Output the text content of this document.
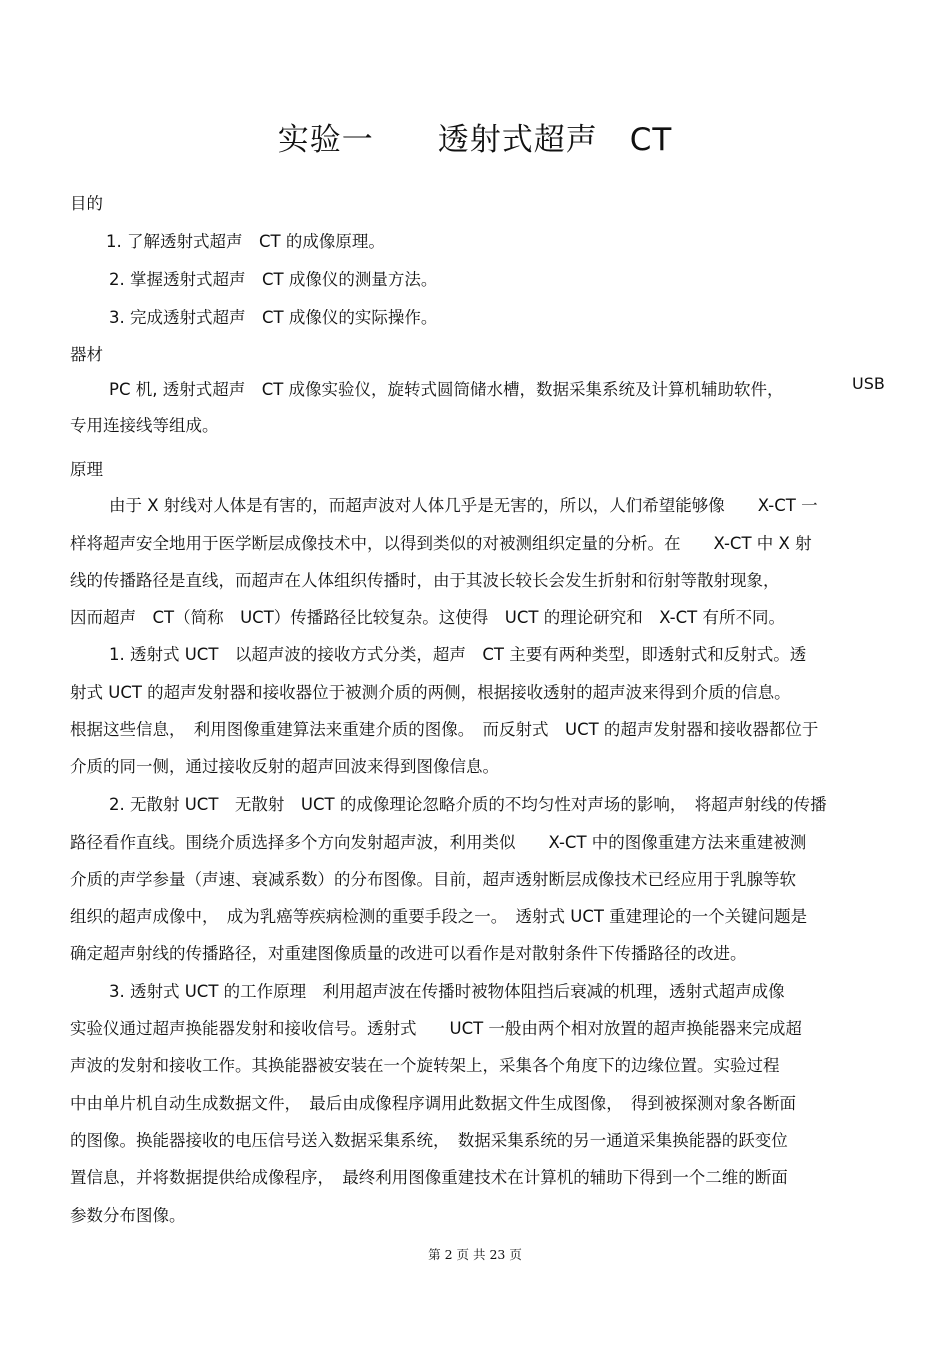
实验一　　透射式超声　CT
目的
1. 了解透射式超声　CT 的成像原理。
2. 掌握透射式超声　CT 成像仪的测量方法。
3. 完成透射式超声　CT 成像仪的实际操作。
器材
PC 机, 透射式超声　CT 成像实验仪，旋转式圆筒储水槽，数据采集系统及计算机辅助软件，	USB
专用连接线等组成。
原理
由于 X 射线对人体是有害的，而超声波对人体几乎是无害的，所以，人们希望能够像　　X-CT 一
样将超声安全地用于医学断层成像技术中，以得到类似的对被测组织定量的分析。在　　X-CT 中 X 射
线的传播路径是直线，而超声在人体组织传播时，由于其波长较长会发生折射和衍射等散射现象，
因而超声　CT（简称　UCT）传播路径比较复杂。这使得　UCT 的理论研究和　X-CT 有所不同。
1. 透射式 UCT　以超声波的接收方式分类，超声　CT 主要有两种类型，即透射式和反射式。透
射式 UCT 的超声发射器和接收器位于被测介质的两侧，根据接收透射的超声波来得到介质的信息。
根据这些信息，　利用图像重建算法来重建介质的图像。　而反射式　UCT 的超声发射器和接收器都位于
介质的同一侧，通过接收反射的超声回波来得到图像信息。
2. 无散射 UCT　无散射　UCT 的成像理论忽略介质的不均匀性对声场的影响，　将超声射线的传播
路径看作直线。围绕介质选择多个方向发射超声波，利用类似　　X-CT 中的图像重建方法来重建被测
介质的声学参量（声速、衰减系数）的分布图像。目前，超声透射断层成像技术已经应用于乳腺等软
组织的超声成像中，　成为乳癌等疾病检测的重要手段之一。　透射式 UCT 重建理论的一个关键问题是
确定超声射线的传播路径，对重建图像质量的改进可以看作是对散射条件下传播路径的改进。
3. 透射式 UCT 的工作原理　利用超声波在传播时被物体阻挡后衰减的机理，透射式超声成像
实验仪通过超声换能器发射和接收信号。透射式　　UCT 一般由两个相对放置的超声换能器来完成超
声波的发射和接收工作。其换能器被安装在一个旋转架上，采集各个角度下的边缘位置。实验过程
中由单片机自动生成数据文件，　最后由成像程序调用此数据文件生成图像，　得到被探测对象各断面
的图像。换能器接收的电压信号送入数据采集系统，　数据采集系统的另一通道采集换能器的跃变位
置信息，并将数据提供给成像程序，　最终利用图像重建技术在计算机的辅助下得到一个二维的断面
参数分布图像。
第 2 页 共 23 页
